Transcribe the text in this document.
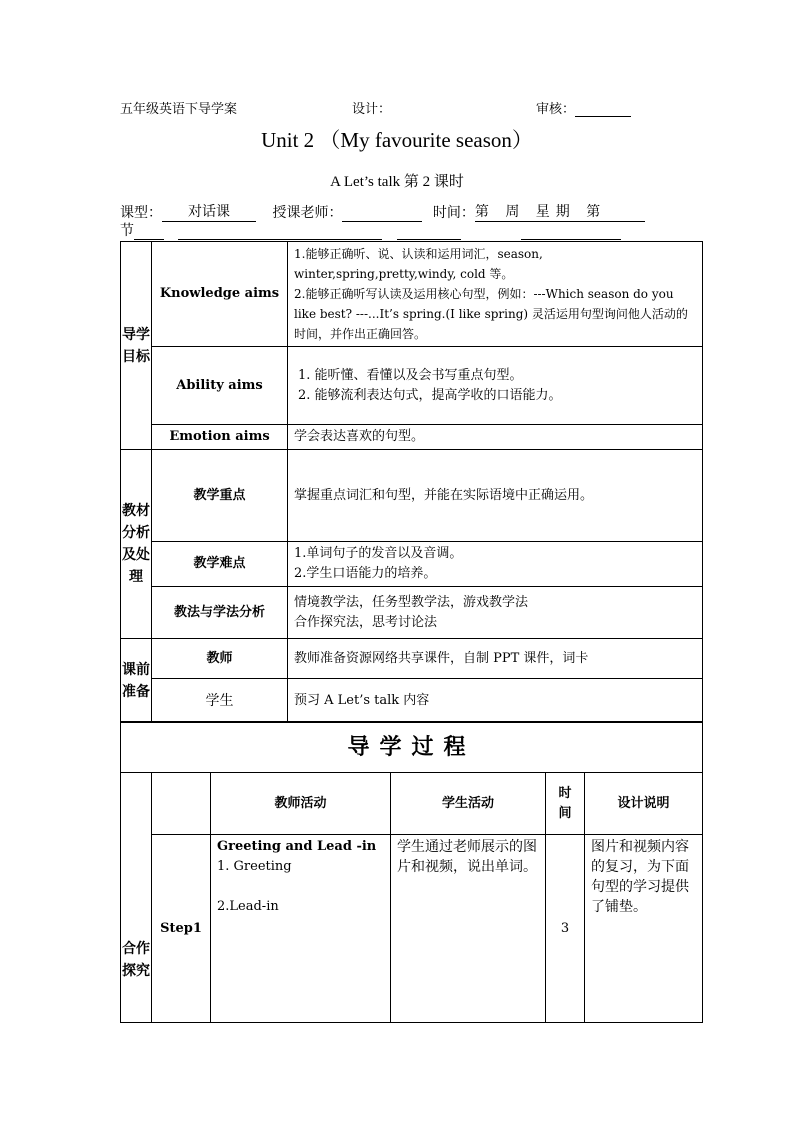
五年级英语下导学案	设计：	审核：
Unit 2 （My favourite season）
A Let’s talk 第 2 课时
课型： 对话课	授课老师：	时间：第 周 星期 第
节
导学目标	Knowledge aims	1.能够正确听、说、认读和运用词汇，season, winter,spring,pretty,windy, cold 等。
2.能够正确听写认读及运用核心句型，例如：---Which season do you like best? ---...It’s spring.(I like spring) 灵活运用句型询问他人活动的时间，并作出正确回答。

	Ability aims	1. 能听懂、看懂以及会书写重点句型。
2. 能够流利表达句式，提高学收的口语能力。

	Emotion aims	学会表达喜欢的句型。
教材分析及处理	教学重点	掌握重点词汇和句型，并能在实际语境中正确运用。
	教学难点	1.单词句子的发音以及音调。
2.学生口语能力的培养。

	教法与学法分析	情境教学法，任务型教学法，游戏教学法
合作探究法，思考讨论法

课前准备	教师	教师准备资源网络共享课件，自制 PPT 课件，词卡
	学生	预习 A Let’s talk 内容
导学过程					
合作探究		教师活动	学生活动	时间	设计说明
	Step1	Greeting and Lead -in
1. Greeting
2.Lead-in	学生通过老师展示的图片和视频，说出单词。	3	图片和视频内容的复习，为下面句型的学习提供了铺垫。
